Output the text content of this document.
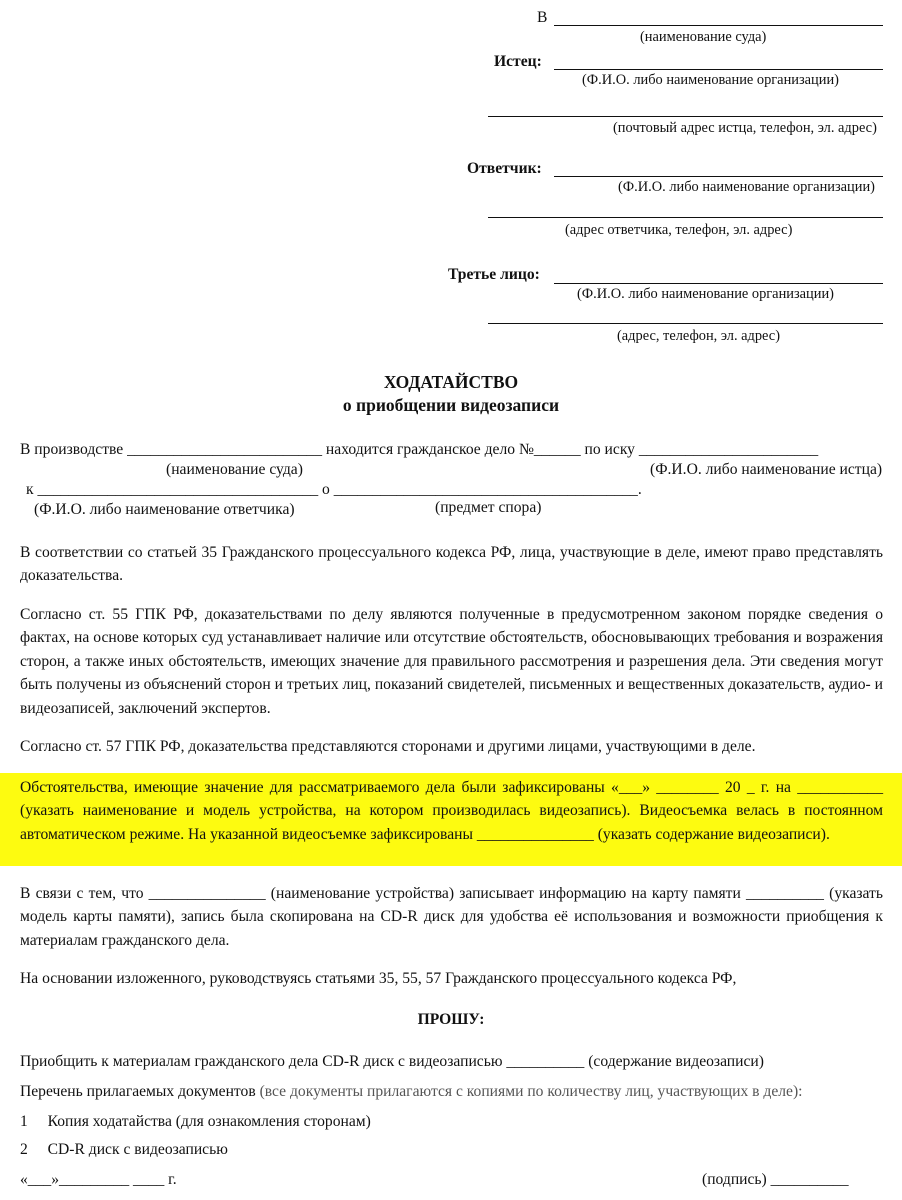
В
(наименование суда)
Истец:
(Ф.И.О. либо наименование организации)
(почтовый адрес истца, телефон, эл. адрес)
Ответчик:
(Ф.И.О. либо наименование организации)
(адрес ответчика, телефон, эл. адрес)
Третье лицо:
(Ф.И.О. либо наименование организации)
(адрес, телефон, эл. адрес)
ХОДАТАЙСТВО
о приобщении видеозаписи
В производстве _________________________ находится гражданское дело №______ по иску _______________________
(наименование суда)	(Ф.И.О. либо наименование истца)
к ____________________________________ о _______________________________________.
(Ф.И.О. либо наименование ответчика)	(предмет спора)
В соответствии со статьей 35 Гражданского процессуального кодекса РФ, лица, участвующие в деле, имеют право представлять доказательства.
Согласно ст. 55 ГПК РФ, доказательствами по делу являются полученные в предусмотренном законом порядке сведения о фактах, на основе которых суд устанавливает наличие или отсутствие обстоятельств, обосновывающих требования и возражения сторон, а также иных обстоятельств, имеющих значение для правильного рассмотрения и разрешения дела. Эти сведения могут быть получены из объяснений сторон и третьих лиц, показаний свидетелей, письменных и вещественных доказательств, аудио- и видеозаписей, заключений экспертов.
Согласно ст. 57 ГПК РФ, доказательства представляются сторонами и другими лицами, участвующими в деле.
Обстоятельства, имеющие значение для рассматриваемого дела были зафиксированы «___» ________ 20 _ г. на ___________ (указать наименование и модель устройства, на котором производилась видеозапись). Видеосъемка велась в постоянном автоматическом режиме. На указанной видеосъемке зафиксированы _______________ (указать содержание видеозаписи).
В связи с тем, что _______________ (наименование устройства) записывает информацию на карту памяти __________ (указать модель карты памяти), запись была скопирована на CD-R диск для удобства её использования и возможности приобщения к материалам гражданского дела.
На основании изложенного, руководствуясь статьями 35, 55, 57 Гражданского процессуального кодекса РФ,
ПРОШУ:
Приобщить к материалам гражданского дела CD-R диск с видеозаписью __________ (содержание видеозаписи)
Перечень прилагаемых документов (все документы прилагаются с копиями по количеству лиц, участвующих в деле):
1 Копия ходатайства (для ознакомления сторонам)
2 CD-R диск с видеозаписью
«___»_________ ____ г.	(подпись) __________
